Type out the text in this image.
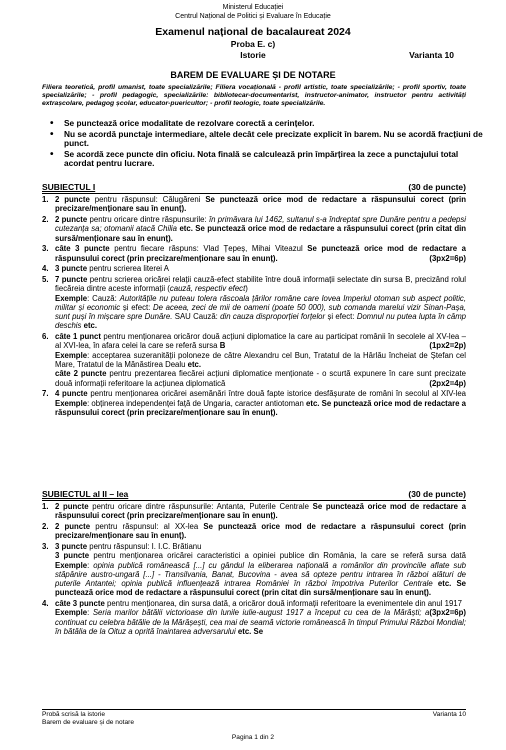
Ministerul Educației
Centrul Național de Politici și Evaluare în Educație
Examenul național de bacalaureat 2024
Proba E. c)
Istorie	Varianta 10
BAREM DE EVALUARE ȘI DE NOTARE
Filiera teoretică, profil umanist, toate specializările; Filiera vocațională - profil artistic, toate specializările; - profil sportiv, toate specializările; - profil pedagogic, specializările: bibliotecar-documentarist, instructor-animator, instructor pentru activități extrașcolare, pedagog școlar, educator-puericultor; - profil teologic, toate specializările.
• Se punctează orice modalitate de rezolvare corectă a cerințelor.
• Nu se acordă punctaje intermediare, altele decât cele precizate explicit în barem. Nu se acordă fracțiuni de punct.
• Se acordă zece puncte din oficiu. Nota finală se calculează prin împărțirea la zece a punctajului total acordat pentru lucrare.
SUBIECTUL I	(30 de puncte)
1. 2 puncte pentru răspunsul: Călugăreni Se punctează orice mod de redactare a răspunsului corect (prin precizare/menționare sau în enunț).
2. 2 puncte pentru oricare dintre răspunsurile: în primăvara lui 1462, sultanul s-a îndreptat spre Dunăre pentru a pedepsi cutezanța sa; otomanii atacă Chilia etc. Se punctează orice mod de redactare a răspunsului corect (prin citat din sursă/menționare sau în enunț).
3. câte 3 puncte pentru fiecare răspuns: Vlad Țepeș, Mihai Viteazul Se punctează orice mod de redactare a răspunsului corect (prin precizare/menționare sau în enunț).	(3px2=6p)
4. 3 puncte pentru scrierea literei A
5. 7 puncte pentru scrierea oricărei relații cauză-efect stabilite între două informații selectate din sursa B, precizând rolul fiecăreia dintre aceste informații (cauză, respectiv efect)
Exemple: Cauză: Autoritățile nu puteau tolera răscoala țărilor române care lovea Imperiul otoman sub aspect politic, militar și economic și efect: De aceea, zeci de mii de oameni (poate 50 000), sub comanda marelui vizir Sinan-Pașa, sunt puși în mișcare spre Dunăre. SAU Cauză: din cauza disproporției forțelor și efect: Domnul nu putea lupta în câmp deschis etc.
6. câte 1 punct pentru menționarea oricăror două acțiuni diplomatice la care au participat românii în secolele al XV-lea – al XVI-lea, în afara celei la care se referă sursa B	(1px2=2p)
Exemple: acceptarea suzeranității poloneze de către Alexandru cel Bun, Tratatul de la Hârlău încheiat de Ștefan cel Mare, Tratatul de la Mănăstirea Dealu etc.
câte 2 puncte pentru prezentarea fiecărei acțiuni diplomatice menționate - o scurtă expunere în care sunt precizate două informații referitoare la acțiunea diplomatică	(2px2=4p)
7. 4 puncte pentru menționarea oricărei asemănări între două fapte istorice desfășurate de români în secolul al XIV-lea Exemple: obținerea independenței față de Ungaria, caracter antiotoman etc. Se punctează orice mod de redactare a răspunsului corect (prin precizare/menționare sau în enunț).
SUBIECTUL al II – lea	(30 de puncte)
1. 2 puncte pentru oricare dintre răspunsurile: Antanta, Puterile Centrale Se punctează orice mod de redactare a răspunsului corect (prin precizare/menționare sau în enunț).
2. 2 puncte pentru răspunsul: al XX-lea Se punctează orice mod de redactare a răspunsului corect (prin precizare/menționare sau în enunț).
3. 3 puncte pentru răspunsul: I. I.C. Brătianu
3 puncte pentru menționarea oricărei caracteristici a opiniei publice din România, la care se referă sursa dată Exemple: opinia publică românească [...] cu gândul la eliberarea națională a românilor din provinciile aflate sub stăpânire austro-ungară [...] - Transilvania, Banat, Bucovina - avea să opteze pentru intrarea în război alături de puterile Antantei; opinia publică influențează intrarea României în război împotriva Puterilor Centrale etc. Se punctează orice mod de redactare a răspunsului corect (prin citat din sursă/menționare sau în enunț).
4. câte 3 puncte pentru menționarea, din sursa dată, a oricăror două informații referitoare la evenimentele din anul 1917
(3px2=6p)
Exemple: Seria marilor bătălii victorioase din lunile iulie-august 1917 a început cu cea de la Mărăști; a continuat cu celebra bătălie de la Mărășești, cea mai de seamă victorie românească în timpul Primului Război Mondial; în bătălia de la Oituz a oprită înaintarea adversarului etc. Se
Probă scrisă la istorie
Barem de evaluare și de notare
Varianta 10
Pagina 1 din 2
